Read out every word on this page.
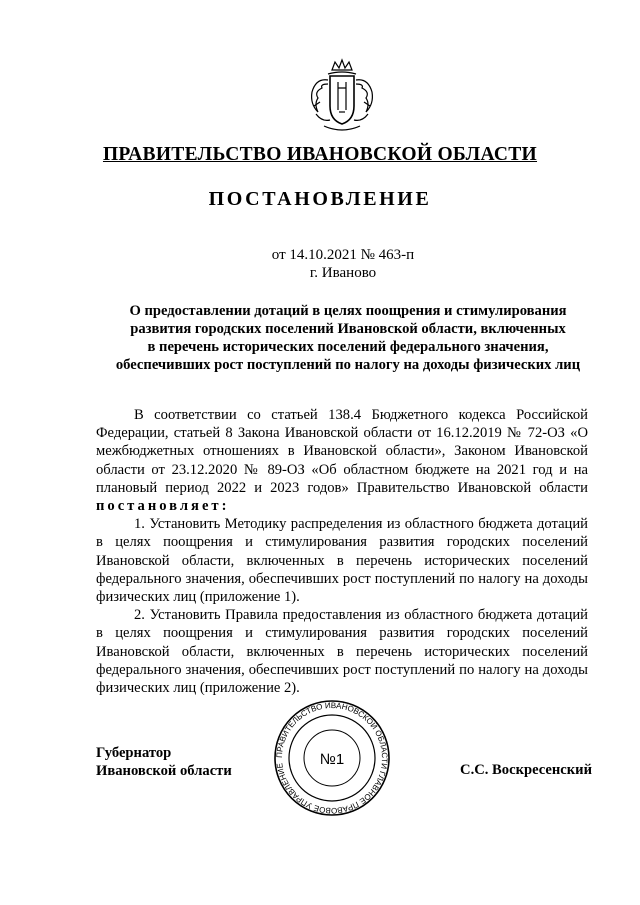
ПРАВИТЕЛЬСТВО ИВАНОВСКОЙ ОБЛАСТИ
ПОСТАНОВЛЕНИЕ
от 14.10.2021 № 463-п
г. Иваново
О предоставлении дотаций в целях поощрения и стимулирования
развития городских поселений Ивановской области, включенных
в перечень исторических поселений федерального значения,
обеспечивших рост поступлений по налогу на доходы физических лиц

В соответствии со статьей 138.4 Бюджетного кодекса Российской Федерации, статьей 8 Закона Ивановской области от 16.12.2019 № 72-ОЗ «О межбюджетных отношениях в Ивановской области», Законом Ивановской области от 23.12.2020 № 89-ОЗ «Об областном бюджете на 2021 год и на плановый период 2022 и 2023 годов» Правительство Ивановской области постановляет:

1. Установить Методику распределения из областного бюджета дотаций в целях поощрения и стимулирования развития городских поселений Ивановской области, включенных в перечень исторических поселений федерального значения, обеспечивших рост поступлений по налогу на доходы физических лиц (приложение 1).

2. Установить Правила предоставления из областного бюджета дотаций в целях поощрения и стимулирования развития городских поселений Ивановской области, включенных в перечень исторических поселений федерального значения, обеспечивших рост поступлений по налогу на доходы физических лиц (приложение 2).

Губернатор
Ивановской области
ПРАВИТЕЛЬСТВО ИВАНОВСКОЙ ОБЛАСТИ ГЛАВНОЕ ПРАВОВОЕ УПРАВЛЕНИЕ	№1
С.С. Воскресенский
